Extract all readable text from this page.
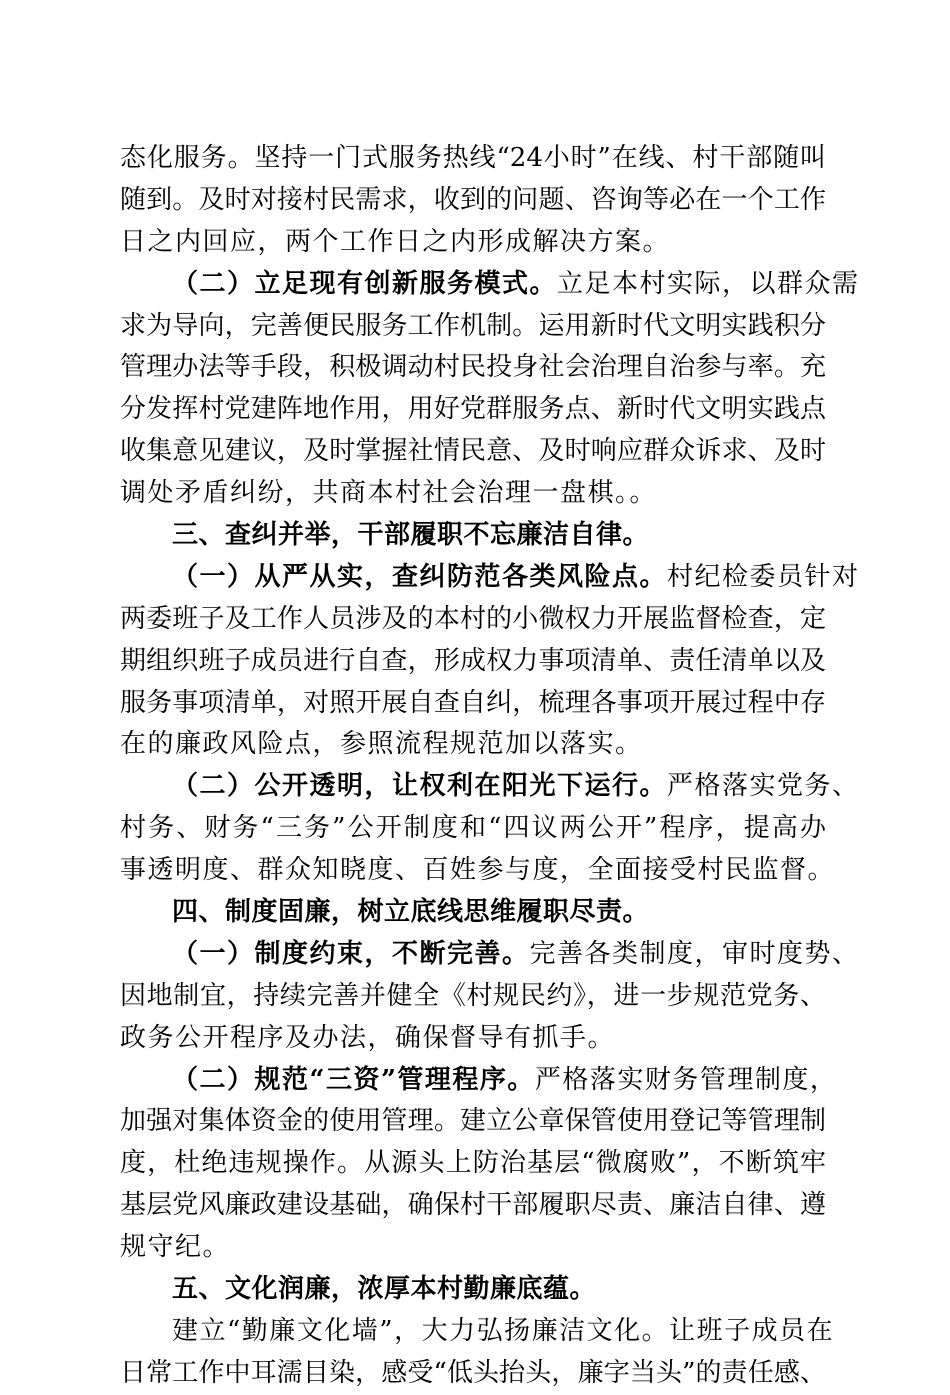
态化服务。坚持一门式服务热线“24小时”在线、村干部随叫
随到。及时对接村民需求，收到的问题、咨询等必在一个工作
日之内回应，两个工作日之内形成解决方案。
（二）立足现有创新服务模式。立足本村实际，以群众需
求为导向，完善便民服务工作机制。运用新时代文明实践积分
管理办法等手段，积极调动村民投身社会治理自治参与率。充
分发挥村党建阵地作用，用好党群服务点、新时代文明实践点
收集意见建议，及时掌握社情民意、及时响应群众诉求、及时
调处矛盾纠纷，共商本村社会治理一盘棋。。
三、查纠并举，干部履职不忘廉洁自律。
（一）从严从实，查纠防范各类风险点。村纪检委员针对
两委班子及工作人员涉及的本村的小微权力开展监督检查，定
期组织班子成员进行自查，形成权力事项清单、责任清单以及
服务事项清单，对照开展自查自纠，梳理各事项开展过程中存
在的廉政风险点，参照流程规范加以落实。
（二）公开透明，让权利在阳光下运行。严格落实党务、
村务、财务“三务”公开制度和“四议两公开”程序，提高办
事透明度、群众知晓度、百姓参与度，全面接受村民监督。
四、制度固廉，树立底线思维履职尽责。
（一）制度约束，不断完善。完善各类制度，审时度势、
因地制宜，持续完善并健全《村规民约》，进一步规范党务、
政务公开程序及办法，确保督导有抓手。
（二）规范“三资”管理程序。严格落实财务管理制度，
加强对集体资金的使用管理。建立公章保管使用登记等管理制
度，杜绝违规操作。从源头上防治基层“微腐败”，不断筑牢
基层党风廉政建设基础，确保村干部履职尽责、廉洁自律、遵
规守纪。
五、文化润廉，浓厚本村勤廉底蕴。
建立“勤廉文化墙”，大力弘扬廉洁文化。让班子成员在
日常工作中耳濡目染，感受“低头抬头，廉字当头”的责任感、
